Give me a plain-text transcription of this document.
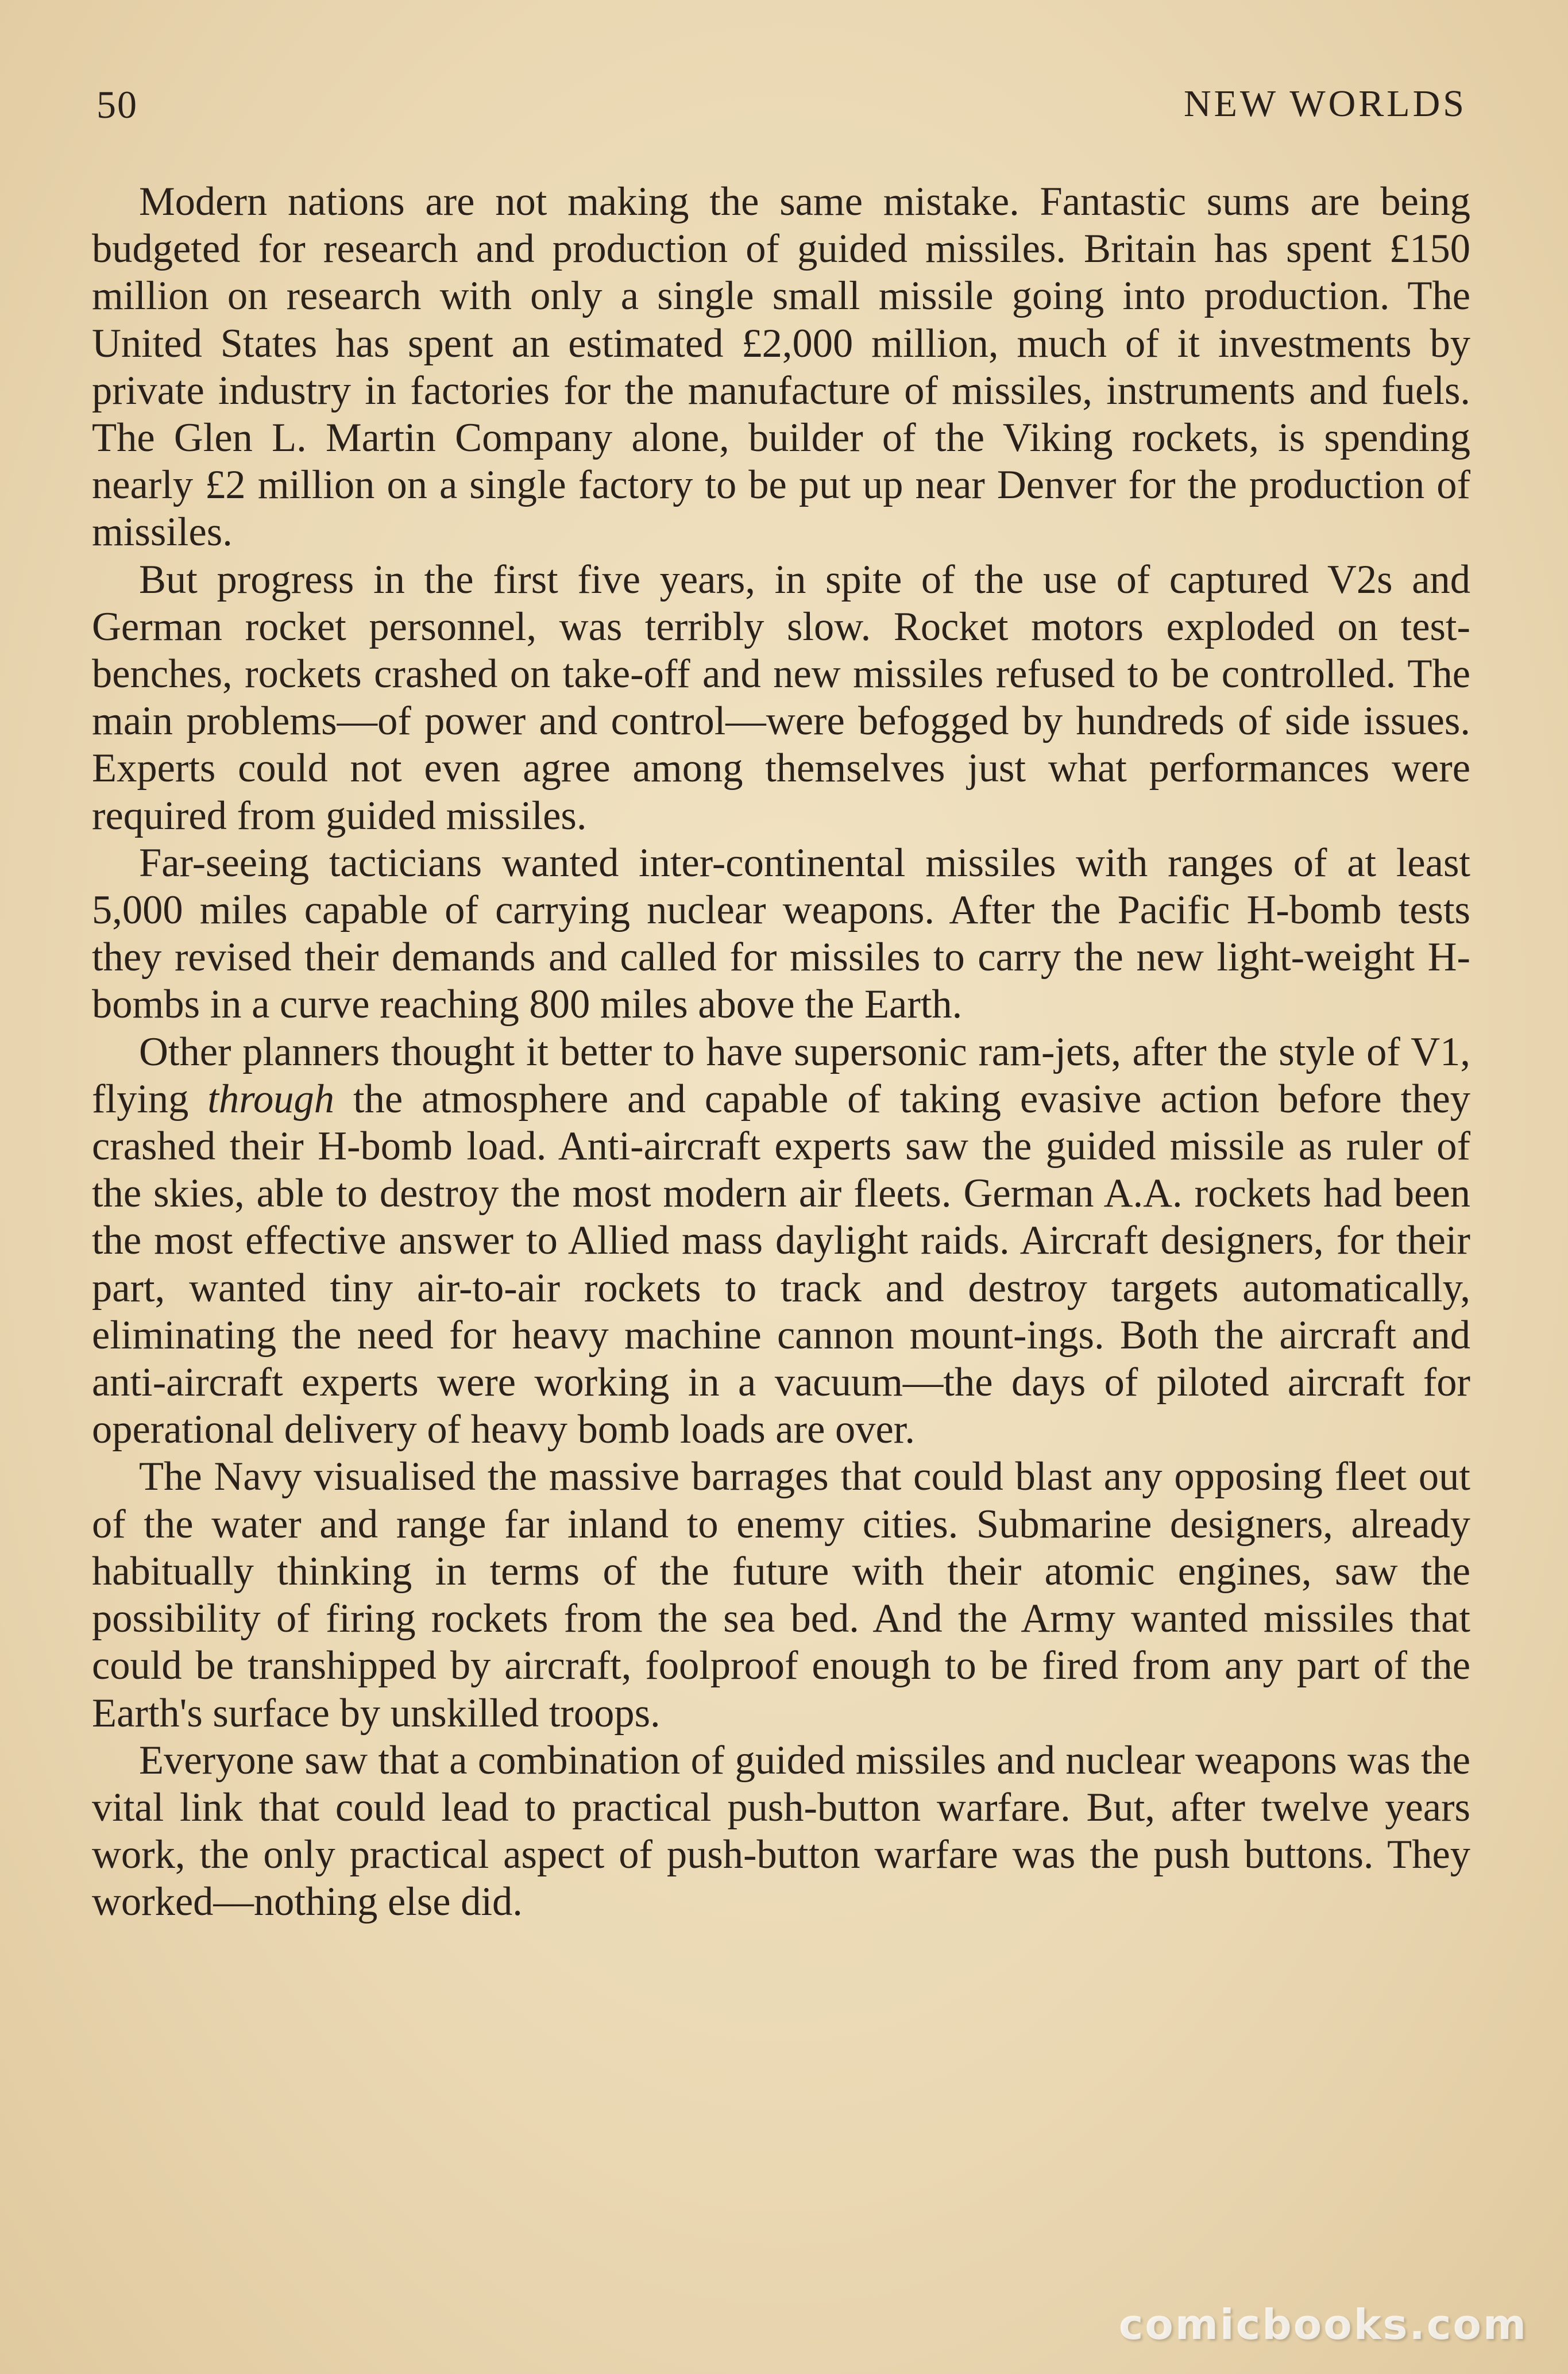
50	NEW WORLDS

Modern nations are not making the same mistake. Fantastic sums are being budgeted for research and production of guided missiles. Britain has spent £150 million on research with only a single small missile going into production. The United States has spent an estimated £2,000 million, much of it investments by private industry in factories for the manufacture of missiles, instruments and fuels. The Glen L. Martin Company alone, builder of the Viking rockets, is spending nearly £2 million on a single factory to be put up near Denver for the production of missiles.

But progress in the first five years, in spite of the use of captured V2s and German rocket personnel, was terribly slow. Rocket motors exploded on test-benches, rockets crashed on take-off and new missiles refused to be controlled. The main problems—of power and control—were befogged by hundreds of side issues. Experts could not even agree among themselves just what performances were required from guided missiles.

Far-seeing tacticians wanted inter-continental missiles with ranges of at least 5,000 miles capable of carrying nuclear weapons. After the Pacific H-bomb tests they revised their demands and called for missiles to carry the new light-weight H-bombs in a curve reaching 800 miles above the Earth.

Other planners thought it better to have supersonic ram-jets, after the style of V1, flying through the atmosphere and capable of taking evasive action before they crashed their H-bomb load. Anti-aircraft experts saw the guided missile as ruler of the skies, able to destroy the most modern air fleets. German A.A. rockets had been the most effective answer to Allied mass daylight raids. Aircraft designers, for their part, wanted tiny air-to-air rockets to track and destroy targets automatically, eliminating the need for heavy machine cannon mount-ings. Both the aircraft and anti-aircraft experts were working in a vacuum—the days of piloted aircraft for operational delivery of heavy bomb loads are over.

The Navy visualised the massive barrages that could blast any opposing fleet out of the water and range far inland to enemy cities. Submarine designers, already habitually thinking in terms of the future with their atomic engines, saw the possibility of firing rockets from the sea bed. And the Army wanted missiles that could be transhipped by aircraft, foolproof enough to be fired from any part of the Earth's surface by unskilled troops.

Everyone saw that a combination of guided missiles and nuclear weapons was the vital link that could lead to practical push-button warfare. But, after twelve years work, the only practical aspect of push-button warfare was the push buttons. They worked—nothing else did.

comicbooks.com
